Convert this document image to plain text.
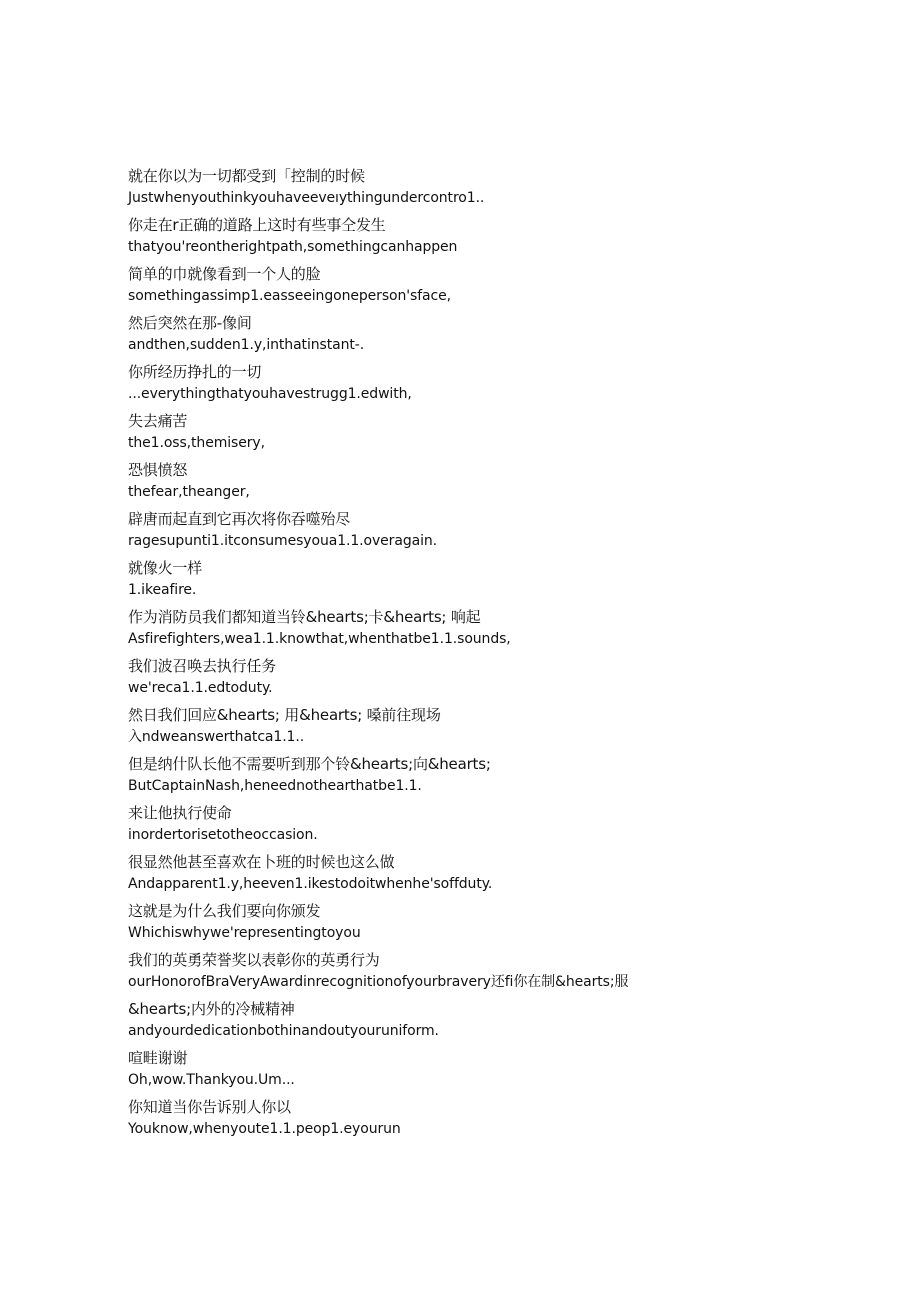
就在你以为一切都受到「控制的时候
Justwhenyouthinkyouhaveeveıythingundercontro1..
你走在r正确的道路上这时有些事仝发生
thatyou'reontherightpath,somethingcanhappen
简单的巾就像看到一个人的脸
somethingassimp1.easseeingoneperson'sface,
然后突然在那-像间
andthen,sudden1.y,inthatinstant-.
你所经历挣扎的一切
...everythingthatyouhavestrugg1.edwith,
失去痛苦
the1.oss,themisery,
恐惧愤怒
thefear,theanger,
辟唐而起直到它再次将你吞噬殆尽
ragesupunti1.itconsumesyoua1.1.overagain.
就像火一样
1.ikeafire.
作为消防员我们都知道当铃&hearts;卡&hearts; 响起
Asfirefighters,wea1.1.knowthat,whenthatbe1.1.sounds,
我们波召唤去执行任务
we'reca1.1.edtoduty.
然日我们回应&hearts; 用&hearts; 嗓前往现场
入ndweanswerthatca1.1..
但是纳什队长他不需要听到那个铃&hearts;向&hearts;
ButCaptainNash,heneednothearthatbe1.1.
来让他执行使命
inordertorisetotheoccasion.
很显然他甚至喜欢在卜班的时候也这么做
Andapparent1.y,heeven1.ikestodoitwhenhe'soffduty.
这就是为什么我们要向你颁发
Whichiswhywe'representingtoyou
我们的英勇荣誉奖以表彰你的英勇行为
ourHonorofBraVeryAwardinrecognitionofyourbravery还fi你在制&hearts;服
&hearts;内外的冷械精神
andyourdedicationbothinandoutyouruniform.
喧畦谢谢
Oh,wow.Thankyou.Um...
你知道当你告诉别人你以
Youknow,whenyoute1.1.peop1.eyourun
